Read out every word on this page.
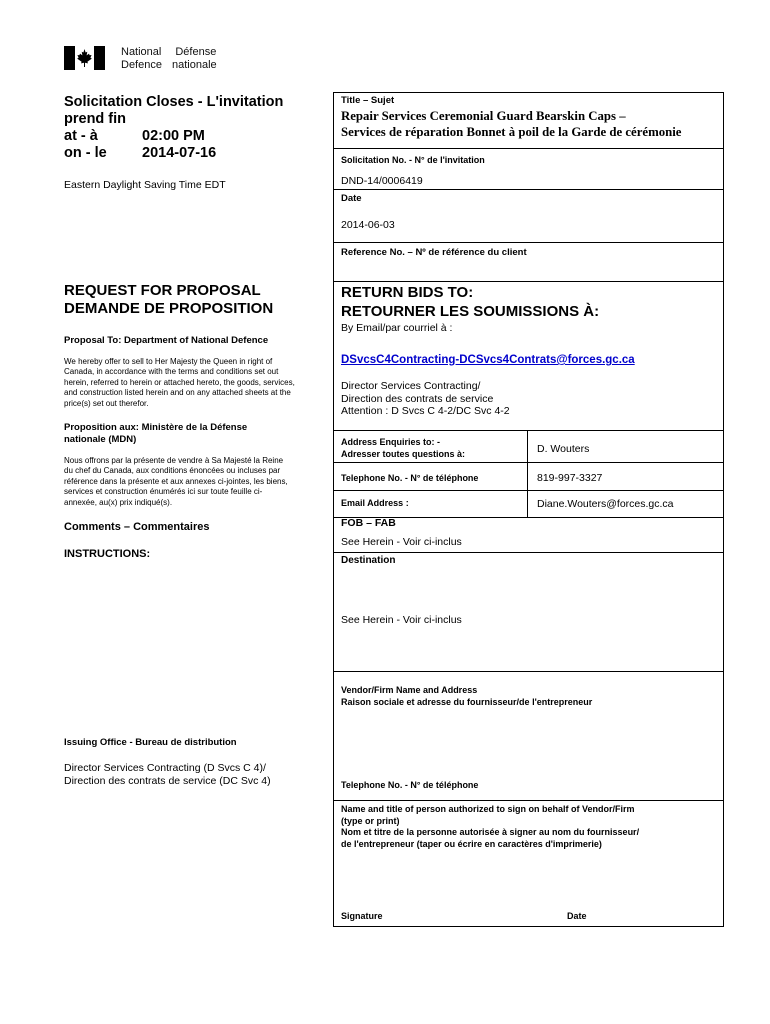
National Défense
Defence nationale
Solicitation Closes - L'invitation
prend fin
at - à	02:00 PM
on - le	2014-07-16
Eastern Daylight Saving Time EDT
REQUEST FOR PROPOSAL
DEMANDE DE PROPOSITION
Proposal To: Department of National Defence
We hereby offer to sell to Her Majesty the Queen in right of Canada, in accordance with the terms and conditions set out herein, referred to herein or attached hereto, the goods, services, and construction listed herein and on any attached sheets at the price(s) set out therefor.
Proposition aux: Ministère de la Défense nationale (MDN)
Nous offrons par la présente de vendre à Sa Majesté la Reine du chef du Canada, aux conditions énoncées ou incluses par référence dans la présente et aux annexes ci-jointes, les biens, services et construction énumérés ici sur toute feuille ci-annexée, au(x) prix indiqué(s).
Comments – Commentaires
INSTRUCTIONS:
Issuing Office - Bureau de distribution
Director Services Contracting (D Svcs C 4)/
Direction des contrats de service (DC Svc 4)
Title – Sujet
Repair Services Ceremonial Guard Bearskin Caps –
Services de réparation Bonnet à poil de la Garde de cérémonie
Solicitation No. - N° de l'invitation
DND-14/0006419
Date
2014-06-03
Reference No. – Nº de référence du client
RETURN BIDS TO:
RETOURNER LES SOUMISSIONS À:
By Email/par courriel à :
DSvcsC4Contracting-DCSvcs4Contrats@forces.gc.ca
Director Services Contracting/
Direction des contrats de service
Attention : D Svcs C 4-2/DC Svc 4-2
Address Enquiries to: -
Adresser toutes questions à:	D. Wouters
Telephone No. - N° de téléphone	819-997-3327
Email Address :	Diane.Wouters@forces.gc.ca
FOB – FAB
See Herein - Voir ci-inclus
Destination
See Herein - Voir ci-inclus
Vendor/Firm Name and Address
Raison sociale et adresse du fournisseur/de l'entrepreneur
Telephone No. - N° de téléphone
Name and title of person authorized to sign on behalf of Vendor/Firm
(type or print)
Nom et titre de la personne autorisée à signer au nom du fournisseur/
de l'entrepreneur (taper ou écrire en caractères d'imprimerie)
Signature	Date
